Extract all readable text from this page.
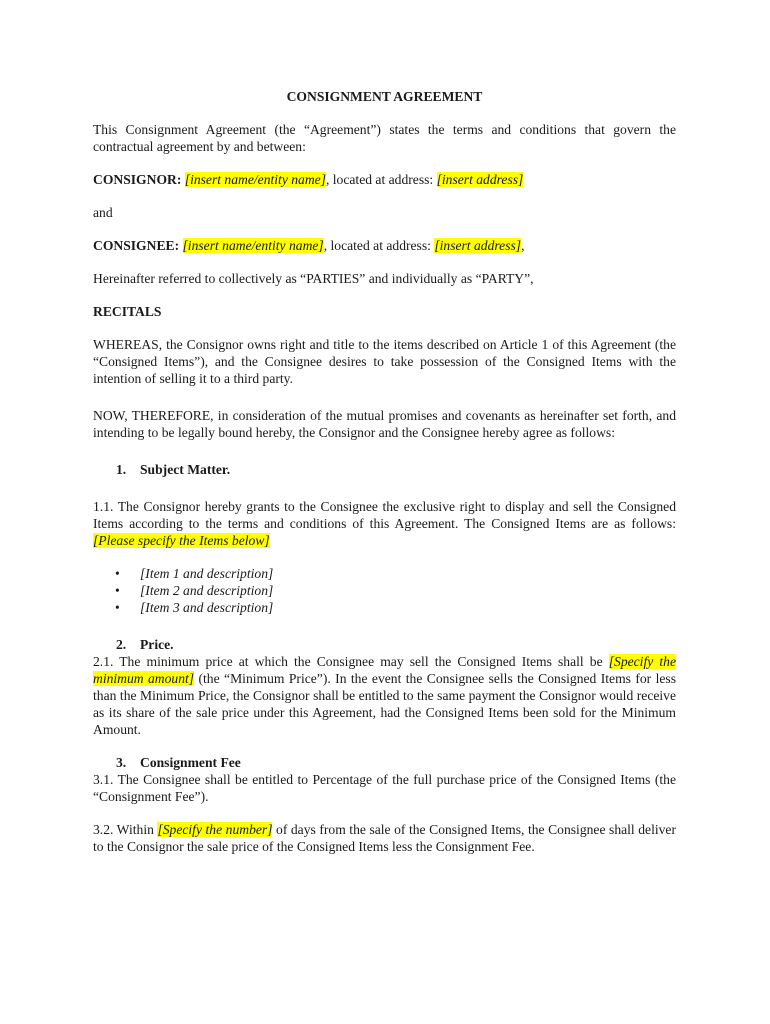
CONSIGNMENT AGREEMENT

This Consignment Agreement (the “Agreement”) states the terms and conditions that govern the contractual agreement by and between:

CONSIGNOR: [insert name/entity name], located at address: [insert address]

and

CONSIGNEE: [insert name/entity name], located at address: [insert address],

Hereinafter referred to collectively as “PARTIES” and individually as “PARTY”,

RECITALS

WHEREAS, the Consignor owns right and title to the items described on Article 1 of this Agreement (the “Consigned Items”), and the Consignee desires to take possession of the Consigned Items with the intention of selling it to a third party.

NOW, THEREFORE, in consideration of the mutual promises and covenants as hereinafter set forth, and intending to be legally bound hereby, the Consignor and the Consignee hereby agree as follows:

1. Subject Matter.

1.1. The Consignor hereby grants to the Consignee the exclusive right to display and sell the Consigned Items according to the terms and conditions of this Agreement. The Consigned Items are as follows: [Please specify the Items below]

• [Item 1 and description]
• [Item 2 and description]
• [Item 3 and description]

2. Price.

2.1. The minimum price at which the Consignee may sell the Consigned Items shall be [Specify the minimum amount] (the “Minimum Price”). In the event the Consignee sells the Consigned Items for less than the Minimum Price, the Consignor shall be entitled to the same payment the Consignor would receive as its share of the sale price under this Agreement, had the Consigned Items been sold for the Minimum Amount.

3. Consignment Fee

3.1. The Consignee shall be entitled to Percentage of the full purchase price of the Consigned Items (the “Consignment Fee”).

3.2. Within [Specify the number] of days from the sale of the Consigned Items, the Consignee shall deliver to the Consignor the sale price of the Consigned Items less the Consignment Fee.
